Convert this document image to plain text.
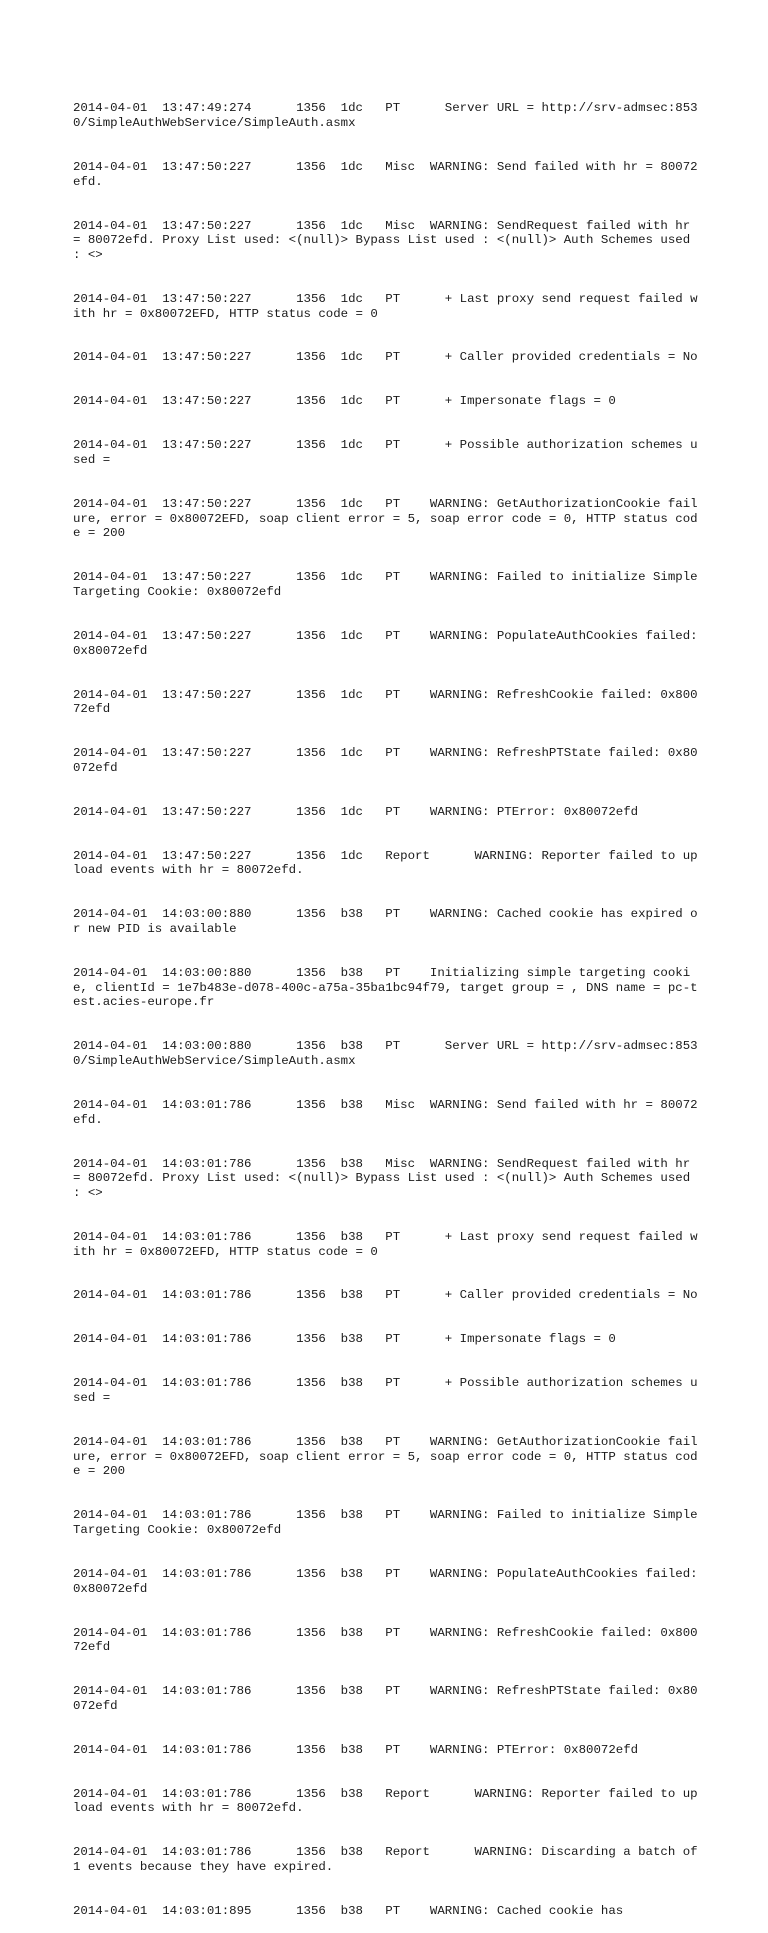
2014-04-01  13:47:49:274      1356  1dc   PT      Server URL = http://srv-admsec:8530/SimpleAuthWebService/SimpleAuth.asmx

2014-04-01  13:47:50:227      1356  1dc   Misc  WARNING: Send failed with hr = 80072efd.

2014-04-01  13:47:50:227      1356  1dc   Misc  WARNING: SendRequest failed with hr = 80072efd. Proxy List used: <(null)> Bypass List used : <(null)> Auth Schemes used : <>

2014-04-01  13:47:50:227      1356  1dc   PT      + Last proxy send request failed with hr = 0x80072EFD, HTTP status code = 0

2014-04-01  13:47:50:227      1356  1dc   PT      + Caller provided credentials = No

2014-04-01  13:47:50:227      1356  1dc   PT      + Impersonate flags = 0

2014-04-01  13:47:50:227      1356  1dc   PT      + Possible authorization schemes used =

2014-04-01  13:47:50:227      1356  1dc   PT    WARNING: GetAuthorizationCookie failure, error = 0x80072EFD, soap client error = 5, soap error code = 0, HTTP status code = 200

2014-04-01  13:47:50:227      1356  1dc   PT    WARNING: Failed to initialize Simple Targeting Cookie: 0x80072efd

2014-04-01  13:47:50:227      1356  1dc   PT    WARNING: PopulateAuthCookies failed: 0x80072efd

2014-04-01  13:47:50:227      1356  1dc   PT    WARNING: RefreshCookie failed: 0x80072efd

2014-04-01  13:47:50:227      1356  1dc   PT    WARNING: RefreshPTState failed: 0x80072efd

2014-04-01  13:47:50:227      1356  1dc   PT    WARNING: PTError: 0x80072efd

2014-04-01  13:47:50:227      1356  1dc   Report      WARNING: Reporter failed to upload events with hr = 80072efd.

2014-04-01  14:03:00:880      1356  b38   PT    WARNING: Cached cookie has expired or new PID is available

2014-04-01  14:03:00:880      1356  b38   PT    Initializing simple targeting cookie, clientId = 1e7b483e-d078-400c-a75a-35ba1bc94f79, target group = , DNS name = pc-test.acies-europe.fr

2014-04-01  14:03:00:880      1356  b38   PT      Server URL = http://srv-admsec:8530/SimpleAuthWebService/SimpleAuth.asmx

2014-04-01  14:03:01:786      1356  b38   Misc  WARNING: Send failed with hr = 80072efd.

2014-04-01  14:03:01:786      1356  b38   Misc  WARNING: SendRequest failed with hr = 80072efd. Proxy List used: <(null)> Bypass List used : <(null)> Auth Schemes used : <>

2014-04-01  14:03:01:786      1356  b38   PT      + Last proxy send request failed with hr = 0x80072EFD, HTTP status code = 0

2014-04-01  14:03:01:786      1356  b38   PT      + Caller provided credentials = No

2014-04-01  14:03:01:786      1356  b38   PT      + Impersonate flags = 0

2014-04-01  14:03:01:786      1356  b38   PT      + Possible authorization schemes used =

2014-04-01  14:03:01:786      1356  b38   PT    WARNING: GetAuthorizationCookie failure, error = 0x80072EFD, soap client error = 5, soap error code = 0, HTTP status code = 200

2014-04-01  14:03:01:786      1356  b38   PT    WARNING: Failed to initialize Simple Targeting Cookie: 0x80072efd

2014-04-01  14:03:01:786      1356  b38   PT    WARNING: PopulateAuthCookies failed: 0x80072efd

2014-04-01  14:03:01:786      1356  b38   PT    WARNING: RefreshCookie failed: 0x80072efd

2014-04-01  14:03:01:786      1356  b38   PT    WARNING: RefreshPTState failed: 0x80072efd

2014-04-01  14:03:01:786      1356  b38   PT    WARNING: PTError: 0x80072efd

2014-04-01  14:03:01:786      1356  b38   Report      WARNING: Reporter failed to upload events with hr = 80072efd.

2014-04-01  14:03:01:786      1356  b38   Report      WARNING: Discarding a batch of 1 events because they have expired.

2014-04-01  14:03:01:895      1356  b38   PT    WARNING: Cached cookie has
